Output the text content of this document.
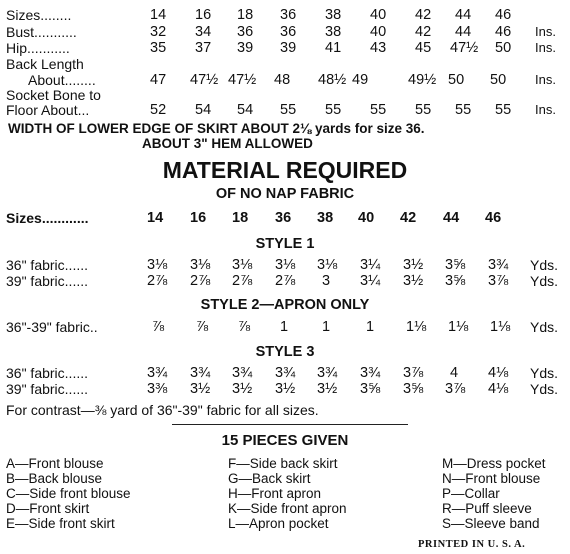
Sizes........	14 16 18 36 38 40 42 44 46
Bust...........	32 34 36 36 38 40 42 44 46 Ins.
Hip...........	35 37 39 39 41 43 45 47½ 50 Ins.
Back Length
About........	47 47½ 47½ 48 48½ 49	49½ 50 50 Ins.
Socket Bone to
Floor About...	52 54 54 55 55 55 55 55 55 Ins.
WIDTH OF LOWER EDGE OF SKIRT ABOUT 2⅛ yards for size 36.
ABOUT 3" HEM ALLOWED
MATERIAL REQUIRED
OF NO NAP FABRIC
Sizes............	14 16 18 36 38 40 42 44 46
STYLE 1
36" fabric......	3⅛ 3⅛ 3⅛ 3⅛ 3⅛ 3¼ 3½ 3⅝ 3¾ Yds.
39" fabric......	2⅞ 2⅞ 2⅞ 2⅞ 3 3¼ 3½ 3⅝ 3⅞ Yds.
STYLE 2—APRON ONLY
36"-39" fabric..	⅞ ⅞ ⅞ 1 1 1 1⅛ 1⅛ 1⅛ Yds.
STYLE 3
36" fabric......	3¾ 3¾ 3¾ 3¾ 3¾ 3¾ 3⅞ 4 4⅛ Yds.
39" fabric......	3⅜ 3½ 3½ 3½ 3½ 3⅝ 3⅝ 3⅞ 4⅛ Yds.
For contrast—⅜ yard of 36"-39" fabric for all sizes.
15 PIECES GIVEN
A—Front blouse
B—Back blouse
C—Side front blouse
D—Front skirt
E—Side front skirt
F—Side back skirt
G—Back skirt
H—Front apron
K—Side front apron
L—Apron pocket
M—Dress pocket
N—Front blouse
P—Collar
R—Puff sleeve
S—Sleeve band
PRINTED IN U. S. A.
